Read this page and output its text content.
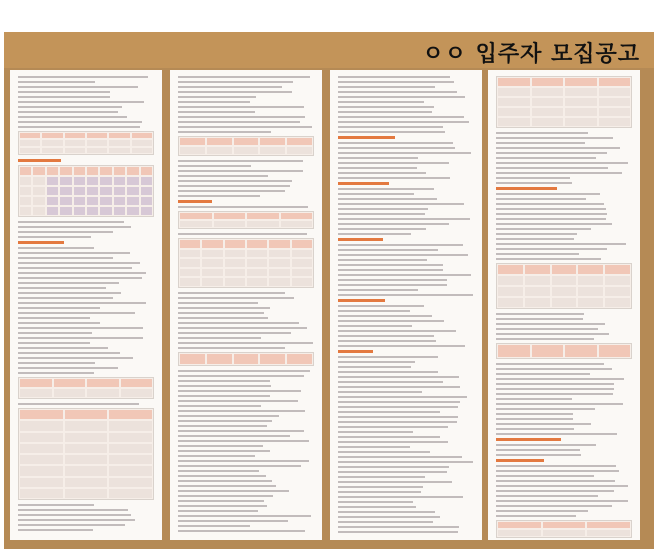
ㅇㅇ 입주자 모집공고
